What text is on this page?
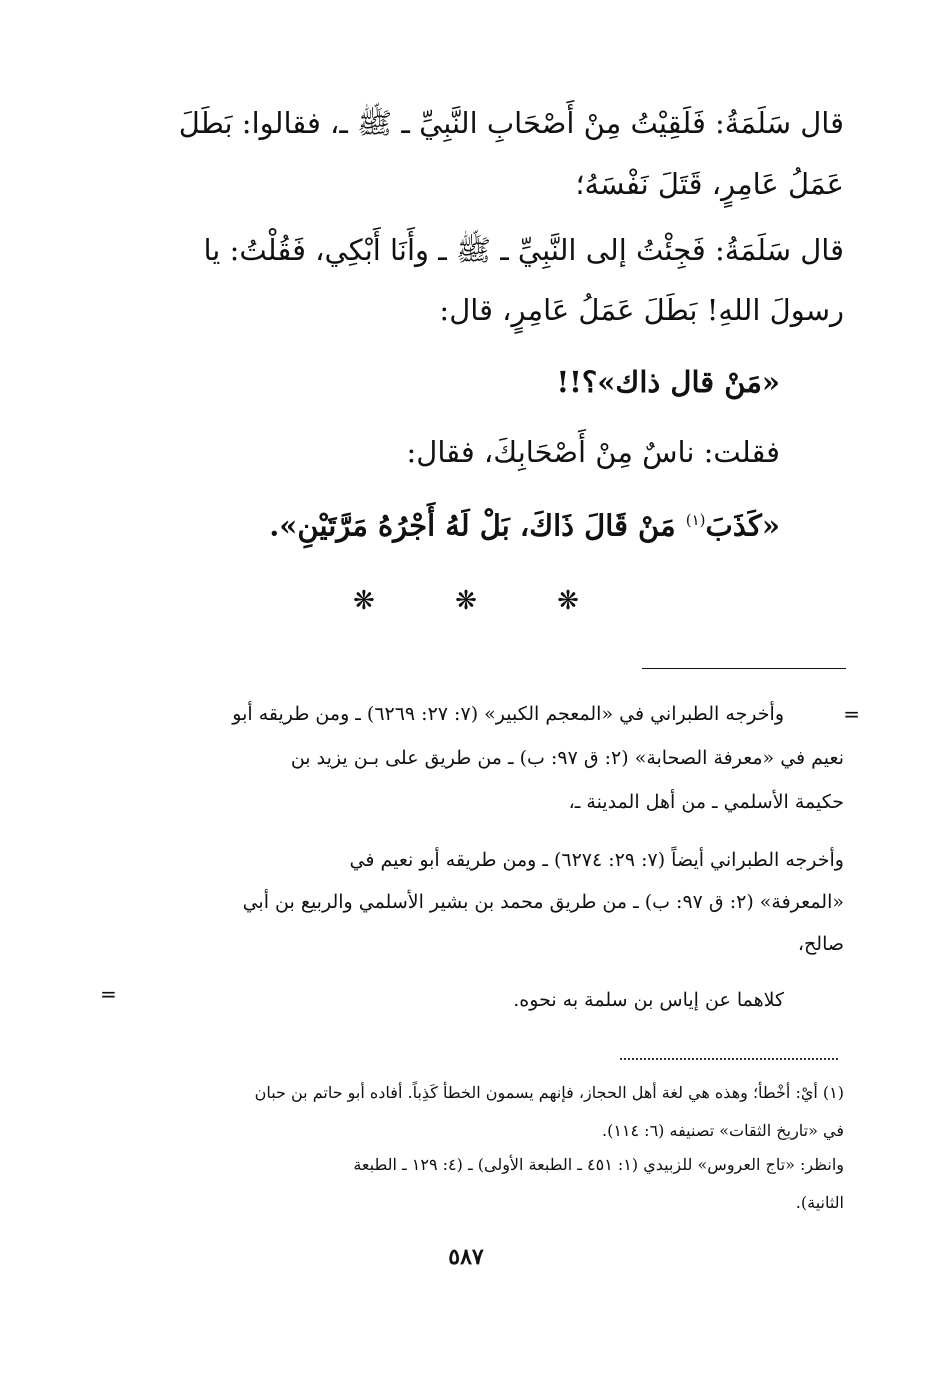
قال سَلَمَةُ: فَلَقِيْتُ مِنْ أَصْحَابِ النَّبِيِّ ـ ﷺ ـ، فقالوا: بَطَلَ
عَمَلُ عَامِرٍ، قَتَلَ نَفْسَهُ؛
قال سَلَمَةُ: فَجِئْتُ إلى النَّبِيِّ ـ ﷺ ـ وأَنَا أَبْكِي، فَقُلْتُ: يا
رسولَ اللهِ! بَطَلَ عَمَلُ عَامِرٍ، قال:
«مَنْ قال ذاك»؟!!
فقلت: ناسٌ مِنْ أَصْحَابِكَ، فقال:
«كَذَبَ$^{(١)}$ مَنْ قَالَ ذَاكَ، بَلْ لَهُ أَجْرُهُ مَرَّتَيْنِ».
❋	❋	❋
=
وأخرجه الطبراني في «المعجم الكبير» (٧: ٢٧: ٦٢٦٩) ـ ومن طريقه أبو
نعيم في «معرفة الصحابة» (٢: ق ٩٧: ب) ـ من طريق على بـن يزيد بن
حكيمة الأسلمي ـ من أهل المدينة ـ،
وأخرجه الطبراني أيضاً (٧: ٢٩: ٦٢٧٤) ـ ومن طريقه أبو نعيم في
«المعرفة» (٢: ق ٩٧: ب) ـ من طريق محمد بن بشير الأسلمي والربيع بن أبي
صالح،
كلاهما عن إياس بن سلمة به نحوه.
=
(١) أيْ: أخْطأ؛ وهذه هي لغة أهل الحجاز، فإنهم يسمون الخطأ كَذِباً. أفاده أبو حاتم بن حبان
في «تاريخ الثقات» تصنيفه (٦: ١١٤).
وانظر: «تاج العروس» للزبيدي (١: ٤٥١ ـ الطبعة الأولى) ـ (٤: ١٢٩ ـ الطبعة
الثانية).
٥٨٧
